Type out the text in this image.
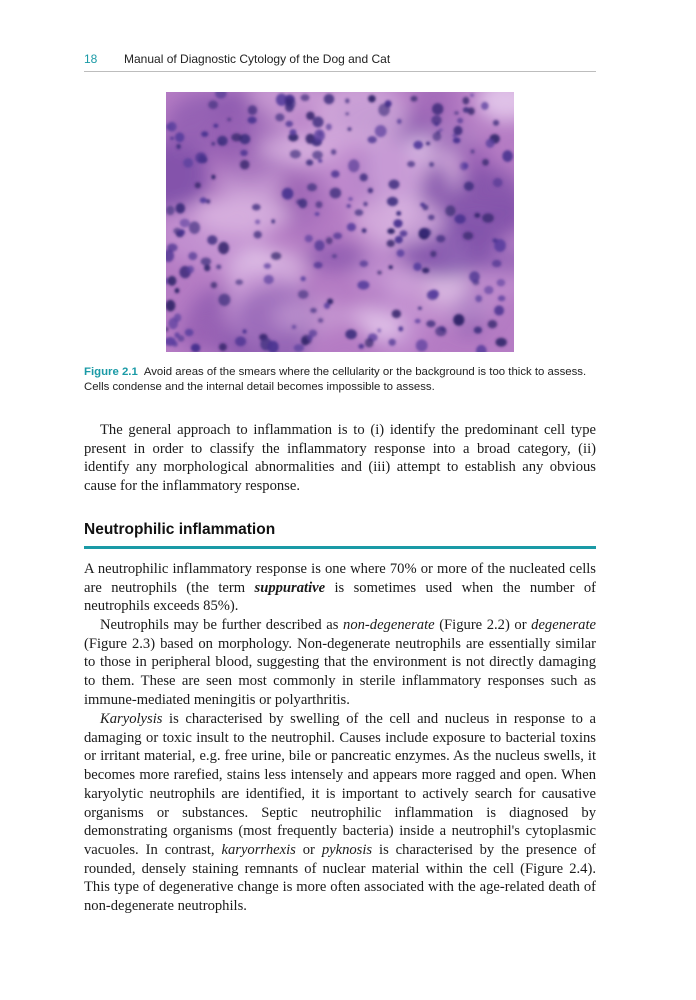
18 Manual of Diagnostic Cytology of the Dog and Cat
Figure 2.1 Avoid areas of the smears where the cellularity or the background is too thick to assess. Cells condense and the internal detail becomes impossible to assess.

The general approach to inflammation is to (i) identify the predominant cell type present in order to classify the inflammatory response into a broad category, (ii) identify any morphological abnormalities and (iii) attempt to establish any obvious cause for the inflammatory response.

Neutrophilic inflammation

A neutrophilic inflammatory response is one where 70% or more of the nucleated cells are neutrophils (the term suppurative is sometimes used when the number of neutrophils exceeds 85%).

Neutrophils may be further described as non-degenerate (Figure 2.2) or degenerate (Figure 2.3) based on morphology. Non-degenerate neutrophils are essentially similar to those in peripheral blood, suggesting that the environment is not directly damaging to them. These are seen most commonly in sterile inflammatory responses such as immune-mediated meningitis or polyarthritis.

Karyolysis is characterised by swelling of the cell and nucleus in response to a damaging or toxic insult to the neutrophil. Causes include exposure to bacterial toxins or irritant material, e.g. free urine, bile or pancreatic enzymes. As the nucleus swells, it becomes more rarefied, stains less intensely and appears more ragged and open. When karyolytic neutrophils are identified, it is important to actively search for causative organisms or substances. Septic neutrophilic inflammation is diagnosed by demonstrating organisms (most frequently bacteria) inside a neutrophil's cytoplasmic vacuoles. In contrast, karyorrhexis or pyknosis is characterised by the presence of rounded, densely staining remnants of nuclear material within the cell (Figure 2.4). This type of degenerative change is more often associated with the age-related death of non-degenerate neutrophils.
